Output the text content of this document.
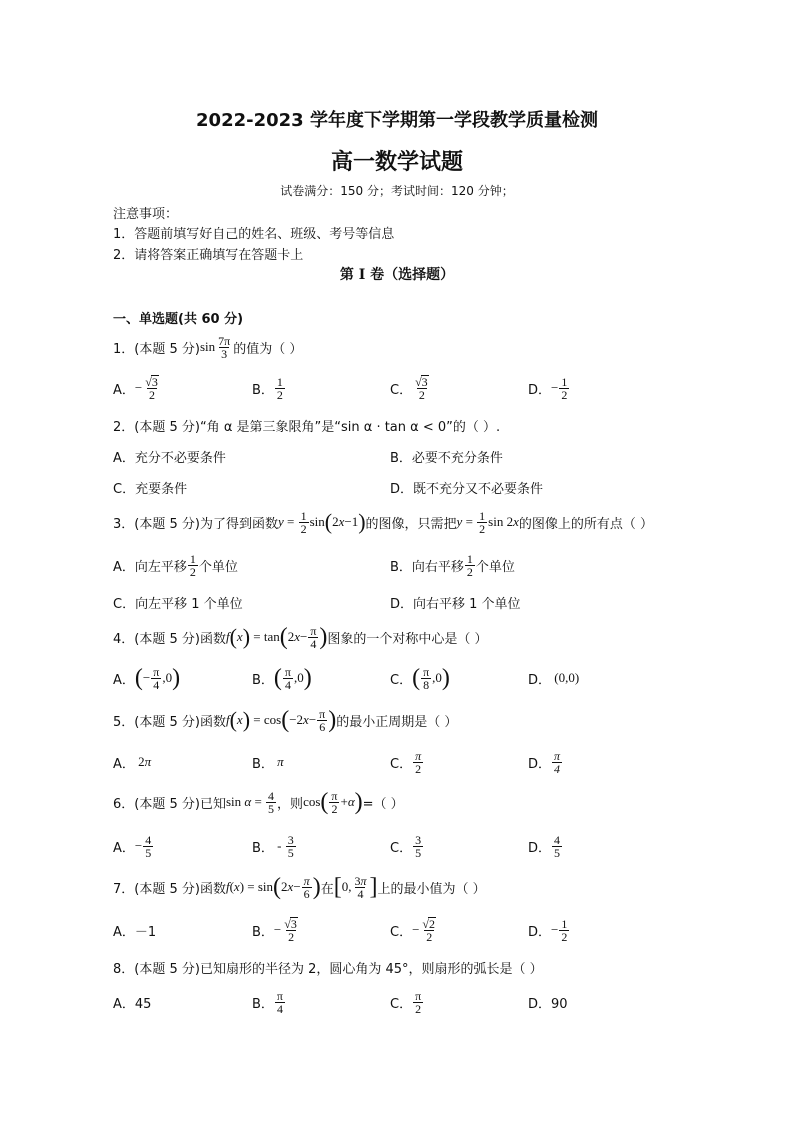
2022-2023 学年度下学期第一学段教学质量检测
高一数学试题
试卷满分：150 分；考试时间：120 分钟；
注意事项：
1．答题前填写好自己的姓名、班级、考号等信息
2．请将答案正确填写在答题卡上
第 I 卷（选择题）
一、单选题(共 60 分)
1．(本题 5 分) $\sin \frac{7\pi}{3}$ 的值为（ ）
A． − $\frac{√3}{2}$	B． $\frac{1}{2}$	C． $\frac{√3}{2}$	D． − $\frac{1}{2}$
2．(本题 5 分)“角 α 是第三象限角”是“sin α · tan α < 0”的（ ）.
A．充分不必要条件	B．必要不充分条件
C．充要条件	D．既不充分又不必要条件
3．(本题 5 分)为了得到函数 $y = \frac{1}{2}$ sin ( 2x−1 ) 的图像，只需把 $y = \frac{1}{2}$ sin 2x 的图像上的所有点（ ）
A．向左平移 $\frac{1}{2}$ 个单位	B．向右平移 $\frac{1}{2}$ 个单位
C．向左平移 1 个单位	D．向右平移 1 个单位
4．(本题 5 分)函数 f ( x ) = tan ( $2x- \frac{\pi}{4}$ ) 图象的一个对称中心是（ ）
A． ( − $\frac{\pi}{4} ,0$ )	B． ( $\frac{\pi}{4} ,0$ )	C． ( $\frac{\pi}{8} ,0$ )	D． (0,0)
5．(本题 5 分)函数 f ( x ) = cos ( $-2x- \frac{\pi}{6}$ ) 的最小正周期是（ ）
A． 2π	B． π	C． $\frac{\pi}{2}$	D． $\frac{\pi}{4}$
6．(本题 5 分)已知 $\sin \alpha = \frac{4}{5}$ ，则 cos ( $\frac{\pi}{2} +\alpha$ ) =（ ）
A． − $\frac{4}{5}$	B． - $\frac{3}{5}$	C． $\frac{3}{5}$	D． $\frac{4}{5}$
7．(本题 5 分)函数 f (x) = sin ( $2x- \frac{\pi}{6}$ ) 在 [ 0, $\frac{3\pi}{4}$ ] 上的最小值为（ ）
A．－1	B． − $\frac{√3}{2}$	C． − $\frac{√2}{2}$	D． − $\frac{1}{2}$
8．(本题 5 分)已知扇形的半径为 2，圆心角为 45°，则扇形的弧长是（ ）
A．45	B． $\frac{\pi}{4}$	C． $\frac{\pi}{2}$	D．90
